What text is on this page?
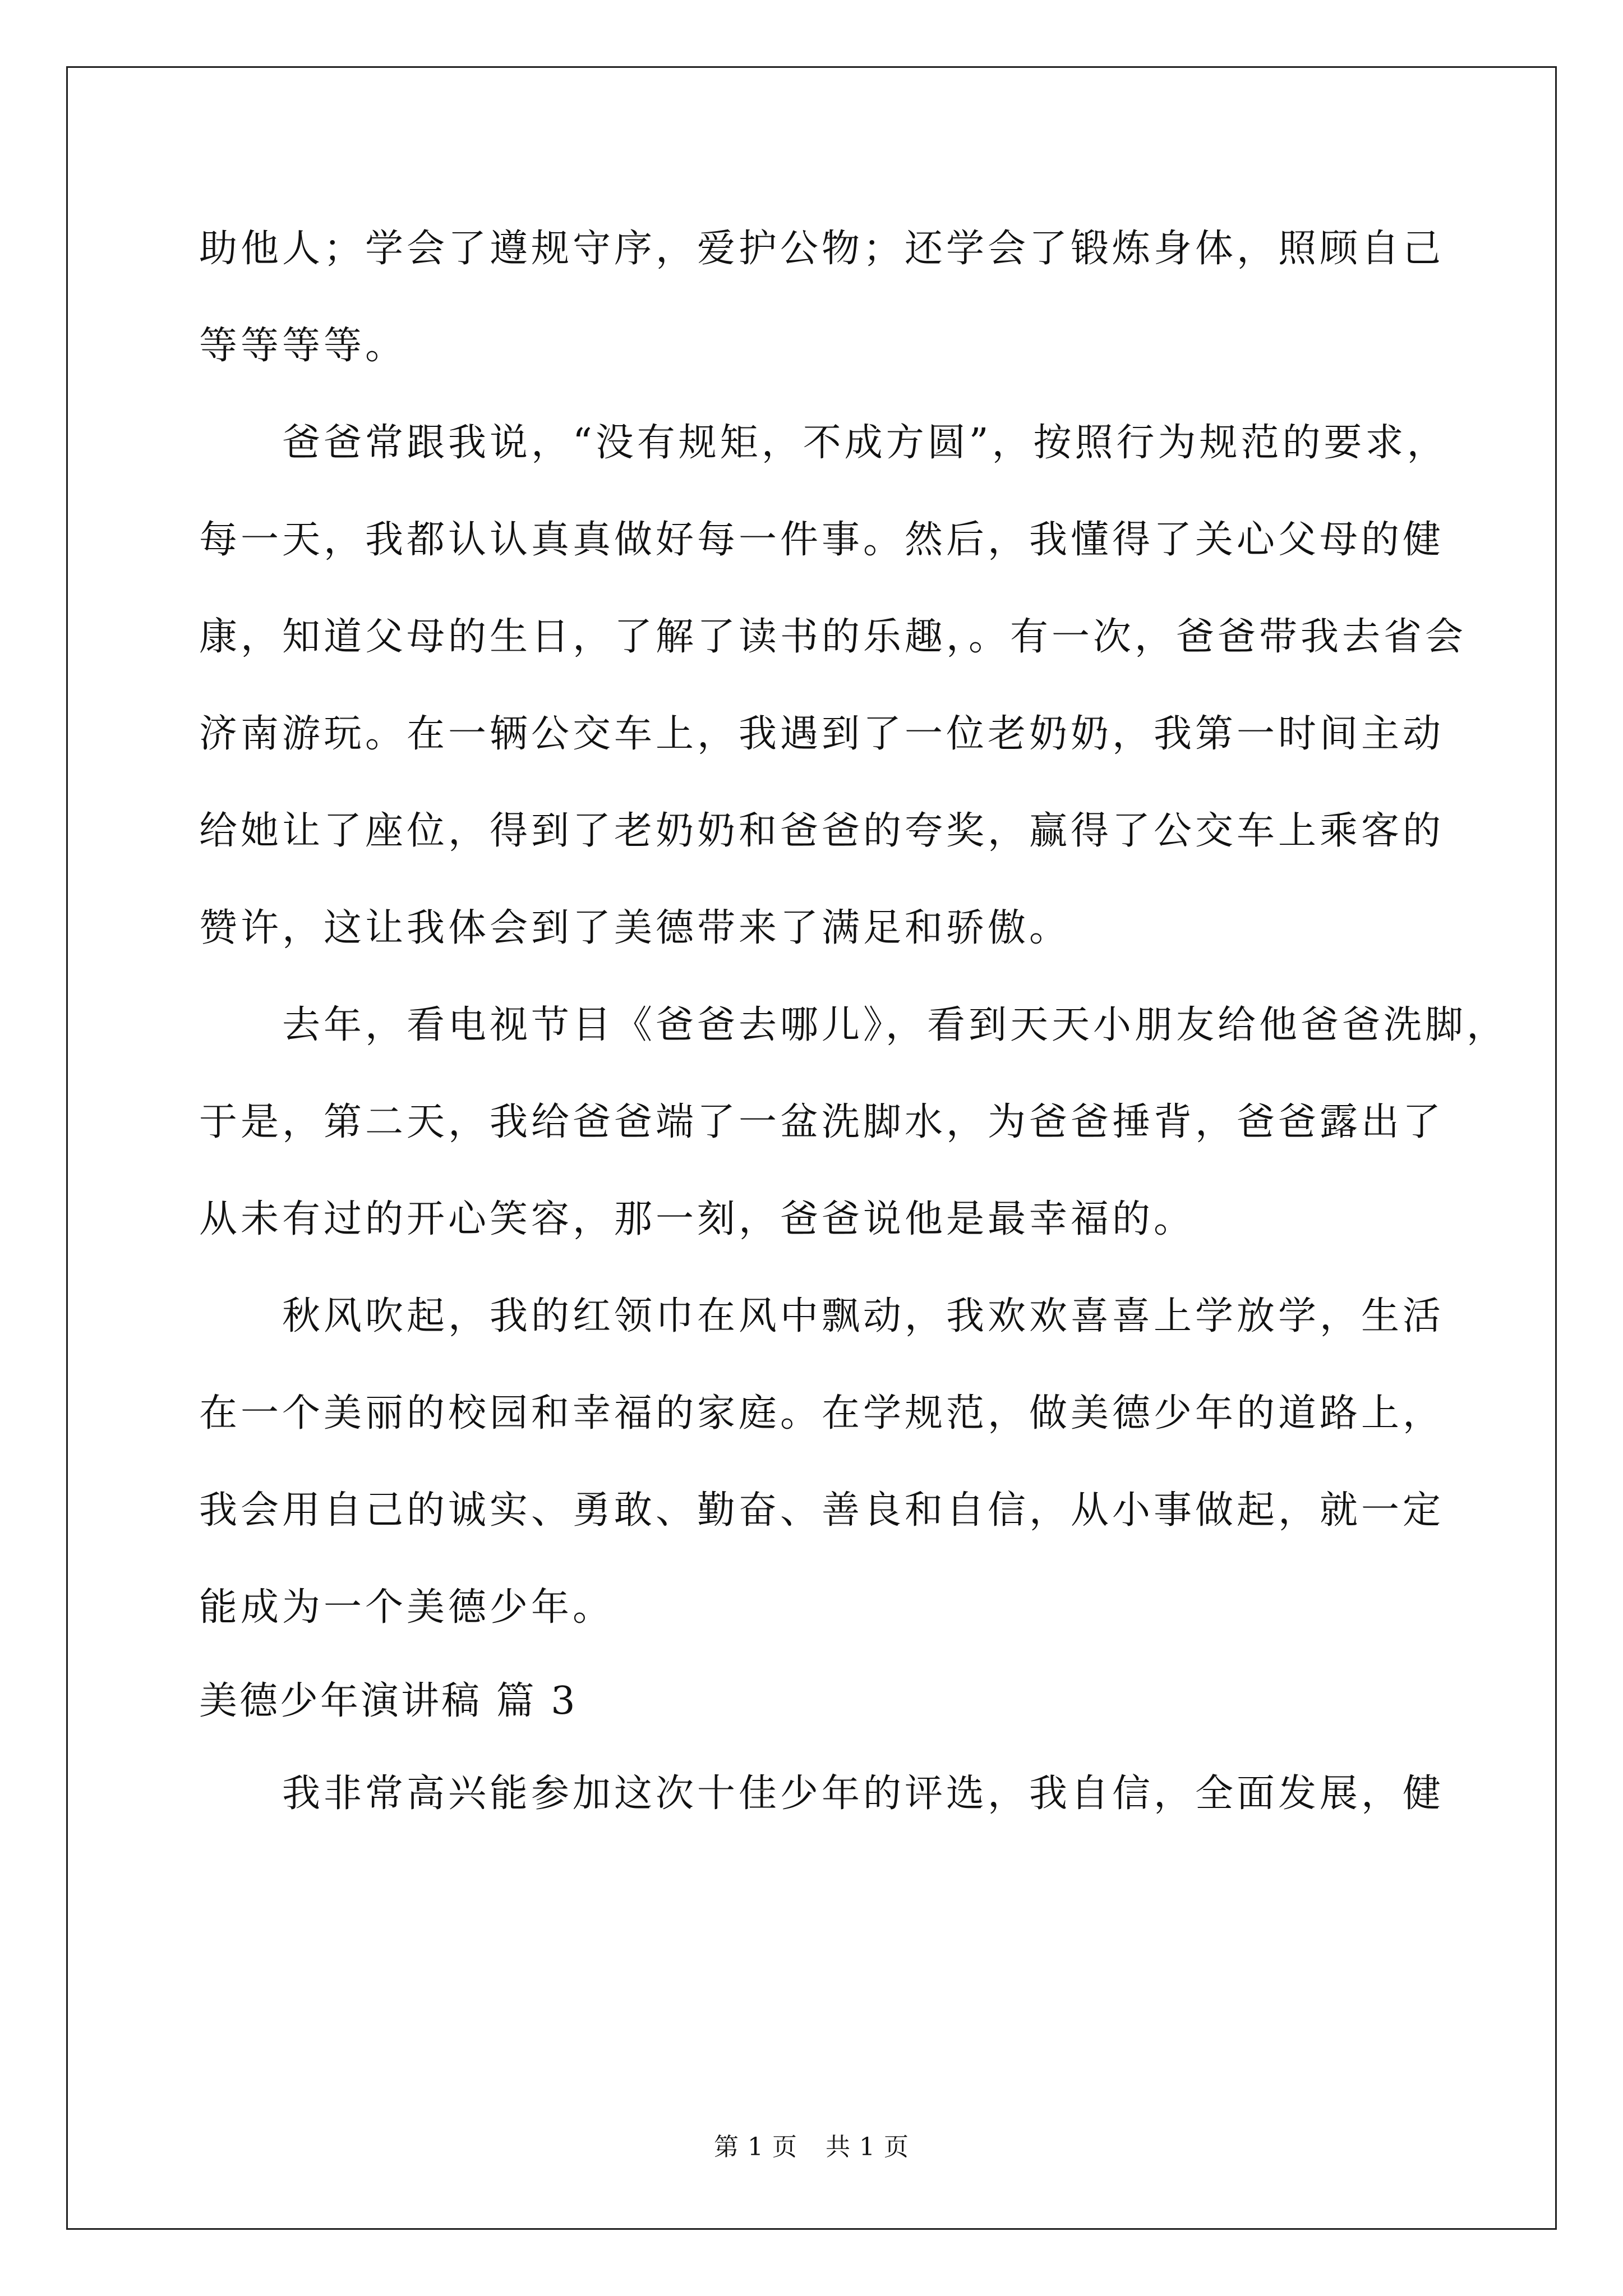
助他人；学会了遵规守序，爱护公物；还学会了锻炼身体，照顾自己
等等等等。
爸爸常跟我说，“没有规矩，不成方圆”，按照行为规范的要求，
每一天，我都认认真真做好每一件事。然后，我懂得了关心父母的健
康，知道父母的生日，了解了读书的乐趣，。有一次，爸爸带我去省会
济南游玩。在一辆公交车上，我遇到了一位老奶奶，我第一时间主动
给她让了座位，得到了老奶奶和爸爸的夸奖，赢得了公交车上乘客的
赞许，这让我体会到了美德带来了满足和骄傲。
去年，看电视节目《爸爸去哪儿》，看到天天小朋友给他爸爸洗脚，
于是，第二天，我给爸爸端了一盆洗脚水，为爸爸捶背，爸爸露出了
从未有过的开心笑容，那一刻，爸爸说他是最幸福的。
秋风吹起，我的红领巾在风中飘动，我欢欢喜喜上学放学，生活
在一个美丽的校园和幸福的家庭。在学规范，做美德少年的道路上，
我会用自己的诚实、勇敢、勤奋、善良和自信，从小事做起，就一定
能成为一个美德少年。
美德少年演讲稿 篇 3
我非常高兴能参加这次十佳少年的评选，我自信，全面发展，健
第 1 页 共 1 页
